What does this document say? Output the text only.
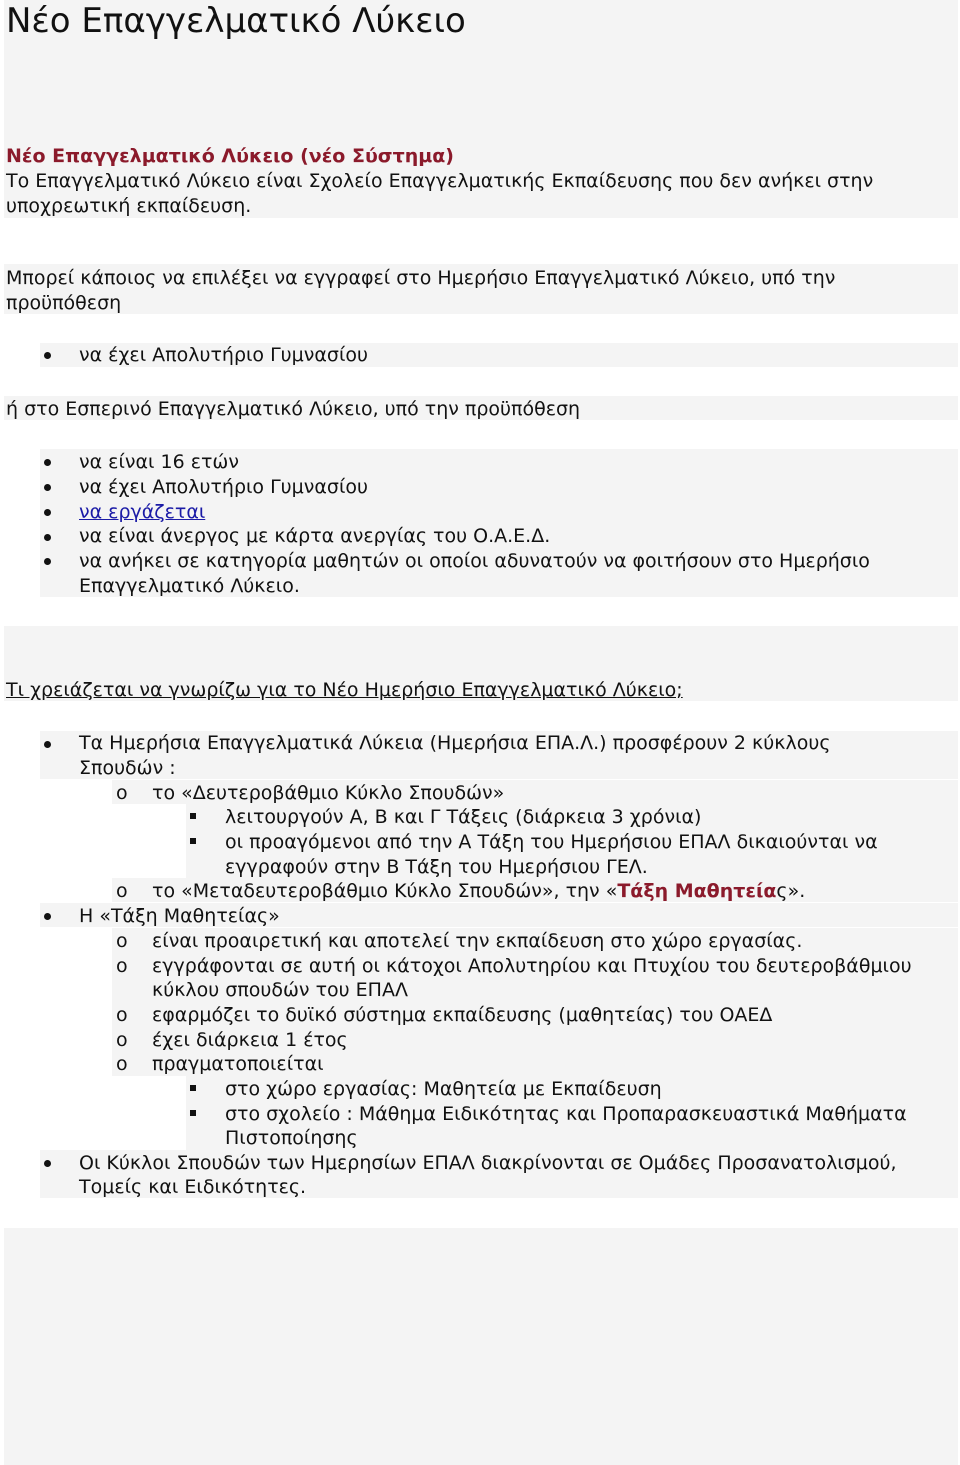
Νέο Επαγγελματικό Λύκειο
Νέο Επαγγελματικό Λύκειο (νέο Σύστημα)
Το Επαγγελματικό Λύκειο είναι Σχολείο Επαγγελματικής Εκπαίδευσης που δεν ανήκει στην
υποχρεωτική εκπαίδευση.
Μπορεί κάποιος να επιλέξει να εγγραφεί στο Ημερήσιο Επαγγελματικό Λύκειο, υπό την
προϋπόθεση
να έχει Απολυτήριο Γυμνασίου
ή στο Εσπερινό Επαγγελματικό Λύκειο, υπό την προϋπόθεση
να είναι 16 ετών
να έχει Απολυτήριο Γυμνασίου
να εργάζεται
να είναι άνεργος με κάρτα ανεργίας του Ο.Α.Ε.Δ.
να ανήκει σε κατηγορία μαθητών οι οποίοι αδυνατούν να φοιτήσουν στο Ημερήσιο
Επαγγελματικό Λύκειο.
Τι χρειάζεται να γνωρίζω για το Νέο Ημερήσιο Επαγγελματικό Λύκειο;
Τα Ημερήσια Επαγγελματικά Λύκεια (Ημερήσια ΕΠΑ.Λ.) προσφέρουν 2 κύκλους
Σπουδών :
o το «Δευτεροβάθμιο Κύκλο Σπουδών»
λειτουργούν Α, Β και Γ Τάξεις (διάρκεια 3 χρόνια)
οι προαγόμενοι από την Α Τάξη του Ημερήσιου ΕΠΑΛ δικαιούνται να
εγγραφούν στην Β Τάξη του Ημερήσιου ΓΕΛ.
o το «Μεταδευτεροβάθμιο Κύκλο Σπουδών», την «Τάξη Μαθητείας».
Η «Τάξη Μαθητείας»
o είναι προαιρετική και αποτελεί την εκπαίδευση στο χώρο εργασίας.
o εγγράφονται σε αυτή οι κάτοχοι Απολυτηρίου και Πτυχίου του δευτεροβάθμιου
κύκλου σπουδών του ΕΠΑΛ
o εφαρμόζει το δυϊκό σύστημα εκπαίδευσης (μαθητείας) του ΟΑΕΔ
o έχει διάρκεια 1 έτος
o πραγματοποιείται
στο χώρο εργασίας: Μαθητεία με Εκπαίδευση
στο σχολείο : Μάθημα Ειδικότητας και Προπαρασκευαστικά Μαθήματα
Πιστοποίησης
Οι Κύκλοι Σπουδών των Ημερησίων ΕΠΑΛ διακρίνονται σε Ομάδες Προσανατολισμού,
Τομείς και Ειδικότητες.
